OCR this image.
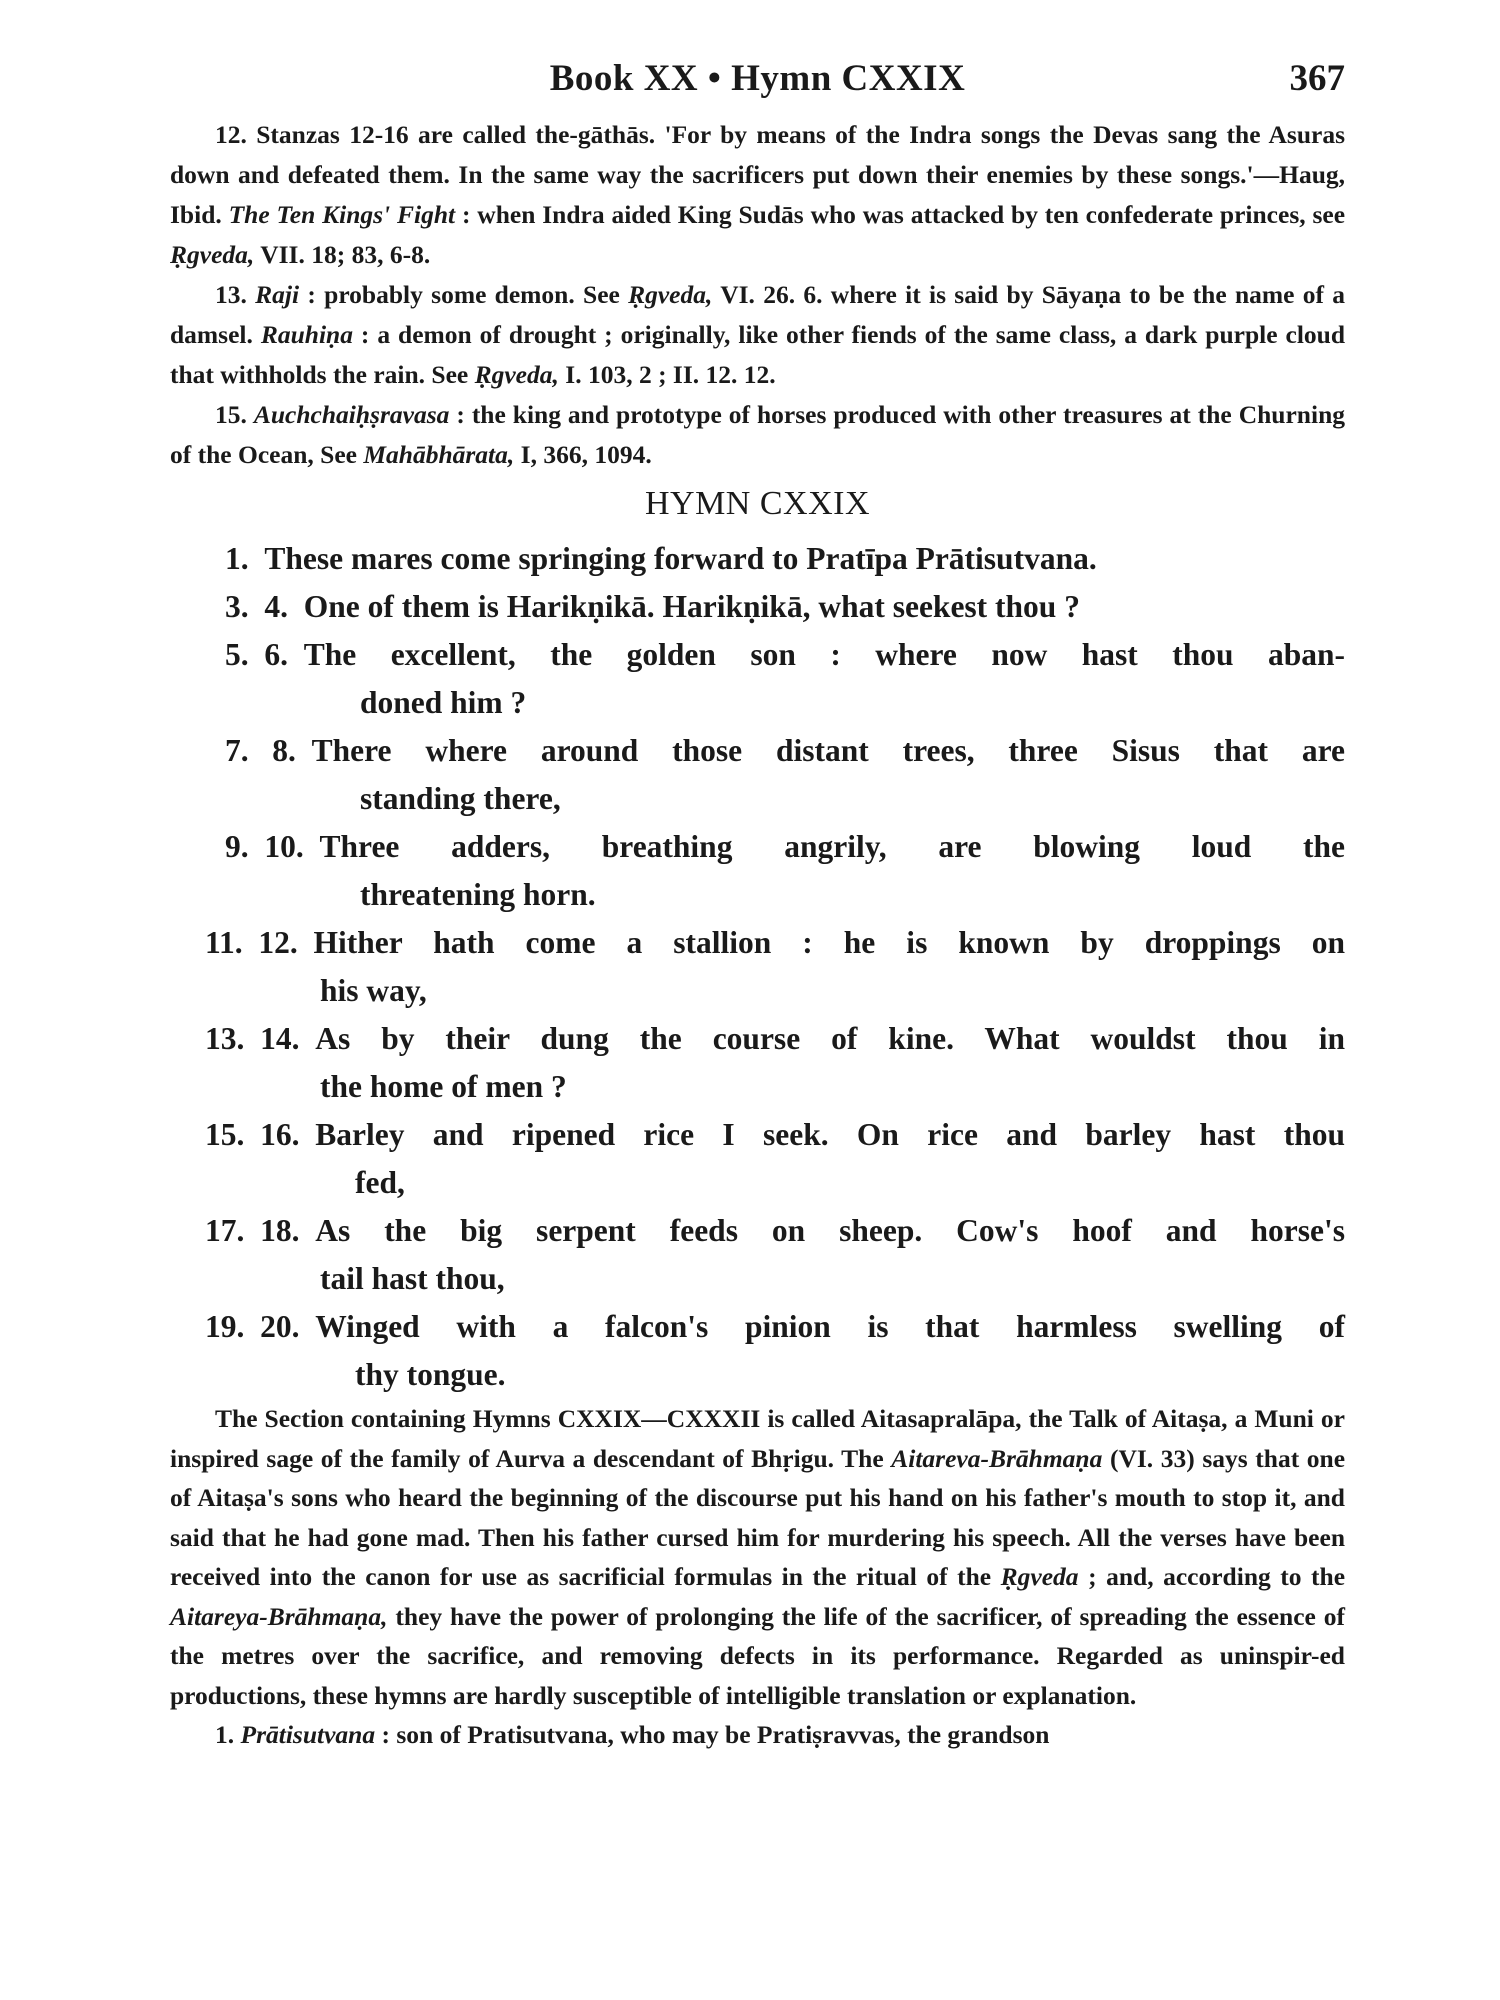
Book XX • Hymn CXXIX	367

12. Stanzas 12-16 are called the-gāthās. 'For by means of the Indra songs the Devas sang the Asuras down and defeated them. In the same way the sacrificers put down their enemies by these songs.'—Haug, Ibid. The Ten Kings' Fight : when Indra aided King Sudās who was attacked by ten confederate princes, see Ṛgveda, VII. 18; 83, 6-8.

13. Raji : probably some demon. See Ṛgveda, VI. 26. 6. where it is said by Sāyaṇa to be the name of a damsel. Rauhiṇa : a demon of drought ; originally, like other fiends of the same class, a dark purple cloud that withholds the rain. See Ṛgveda, I. 103, 2 ; II. 12. 12.

15. Auchchaiḥṣravasa : the king and prototype of horses produced with other treasures at the Churning of the Ocean, See Mahābhārata, I, 366, 1094.

HYMN CXXIX
1. These mares come springing forward to Pratīpa Prātisutvana.
3.  4. One of them is Harikṇikā. Harikṇikā, what seekest thou ?
5.  6. The excellent, the golden son : where now hast thou aban-
doned him ?
7.   8. There where around those distant trees, three Sisus that are
standing there,
9.  10. Three adders, breathing angrily, are blowing loud the
threatening horn.
11.  12. Hither hath come a stallion : he is known by droppings on
his way,
13.  14. As by their dung the course of kine. What wouldst thou in
the home of men ?
15.  16. Barley and ripened rice I seek. On rice and barley hast thou
fed,
17.  18. As the big serpent feeds on sheep. Cow's hoof and horse's
tail hast thou,
19.  20. Winged with a falcon's pinion is that harmless swelling of
thy tongue.

The Section containing Hymns CXXIX—CXXXII is called Aitasapralāpa, the Talk of Aitaṣa, a Muni or inspired sage of the family of Aurva a descendant of Bhṛigu. The Aitareva-Brāhmaṇa (VI. 33) says that one of Aitaṣa's sons who heard the beginning of the discourse put his hand on his father's mouth to stop it, and said that he had gone mad. Then his father cursed him for murdering his speech. All the verses have been received into the canon for use as sacrificial formulas in the ritual of the Ṛgveda ; and, according to the Aitareya-Brāhmaṇa, they have the power of prolonging the life of the sacrificer, of spreading the essence of the metres over the sacrifice, and removing defects in its performance. Regarded as uninspir-ed productions, these hymns are hardly susceptible of intelligible translation or explanation.

1. Prātisutvana : son of Pratisutvana, who may be Pratiṣravvas, the grandson
